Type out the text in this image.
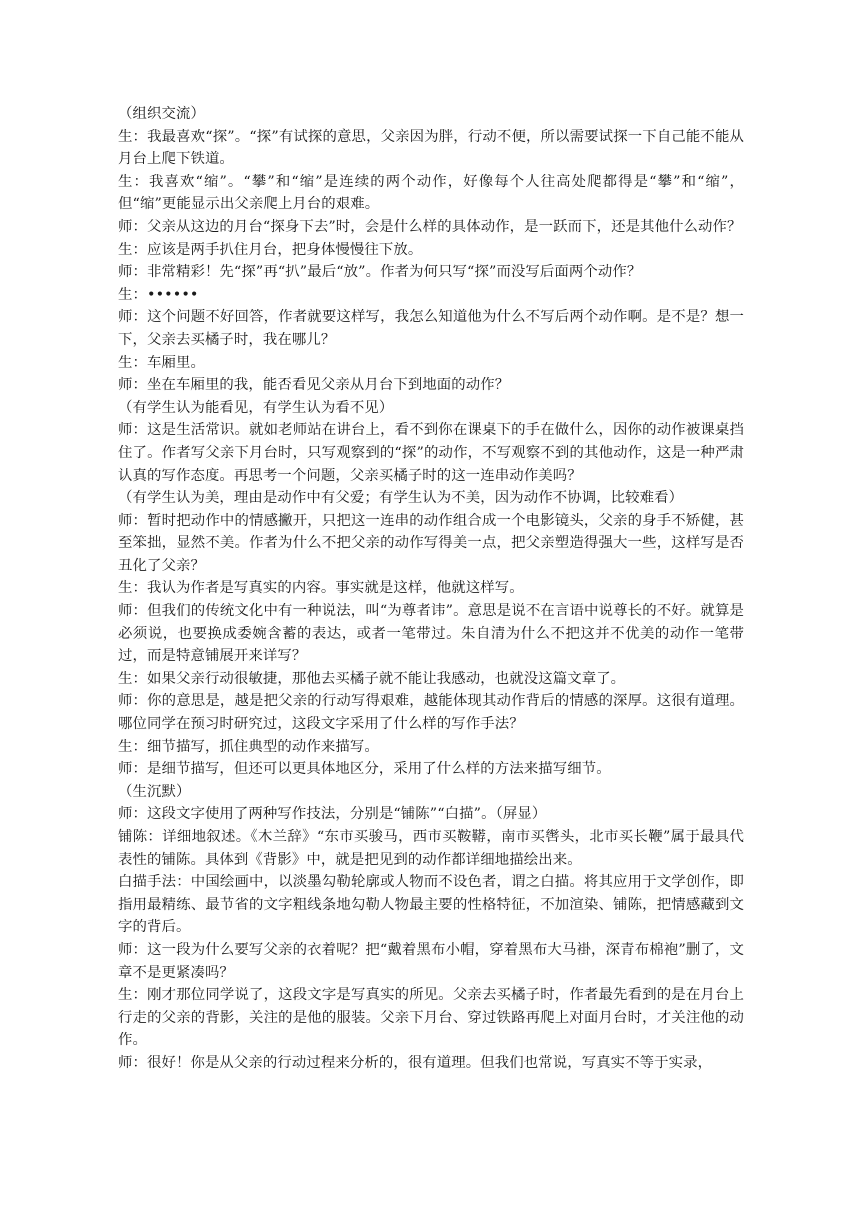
（组织交流）

生：我最喜欢“探”。“探”有试探的意思，父亲因为胖，行动不便，所以需要试探一下自己能不能从月台上爬下铁道。

生：我喜欢“缩”。“攀”和“缩”是连续的两个动作，好像每个人往高处爬都得是“攀”和“缩”，但“缩”更能显示出父亲爬上月台的艰难。

师：父亲从这边的月台“探身下去”时，会是什么样的具体动作，是一跃而下，还是其他什么动作？

生：应该是两手扒住月台，把身体慢慢往下放。

师：非常精彩！先“探”再“扒”最后“放”。作者为何只写“探”而没写后面两个动作？

生：••••••

师：这个问题不好回答，作者就要这样写，我怎么知道他为什么不写后两个动作啊。是不是？想一下，父亲去买橘子时，我在哪儿？

生：车厢里。

师：坐在车厢里的我，能否看见父亲从月台下到地面的动作？

（有学生认为能看见，有学生认为看不见）

师：这是生活常识。就如老师站在讲台上，看不到你在课桌下的手在做什么，因你的动作被课桌挡住了。作者写父亲下月台时，只写观察到的“探”的动作，不写观察不到的其他动作，这是一种严肃认真的写作态度。再思考一个问题，父亲买橘子时的这一连串动作美吗？

（有学生认为美，理由是动作中有父爱；有学生认为不美，因为动作不协调，比较难看）

师：暂时把动作中的情感撇开，只把这一连串的动作组合成一个电影镜头，父亲的身手不矫健，甚至笨拙，显然不美。作者为什么不把父亲的动作写得美一点，把父亲塑造得强大一些，这样写是否丑化了父亲？

生：我认为作者是写真实的内容。事实就是这样，他就这样写。

师：但我们的传统文化中有一种说法，叫“为尊者讳”。意思是说不在言语中说尊长的不好。就算是必须说，也要换成委婉含蓄的表达，或者一笔带过。朱自清为什么不把这并不优美的动作一笔带过，而是特意铺展开来详写？

生：如果父亲行动很敏捷，那他去买橘子就不能让我感动，也就没这篇文章了。

师：你的意思是，越是把父亲的行动写得艰难，越能体现其动作背后的情感的深厚。这很有道理。哪位同学在预习时研究过，这段文字采用了什么样的写作手法？

生：细节描写，抓住典型的动作来描写。

师：是细节描写，但还可以更具体地区分，采用了什么样的方法来描写细节。

（生沉默）

师：这段文字使用了两种写作技法，分别是“铺陈”“白描”。（屏显）

铺陈：详细地叙述。《木兰辞》“东市买骏马，西市买鞍鞯，南市买辔头，北市买长鞭”属于最具代表性的铺陈。具体到《背影》中，就是把见到的动作都详细地描绘出来。

白描手法：中国绘画中，以淡墨勾勒轮廓或人物而不设色者，谓之白描。将其应用于文学创作，即指用最精练、最节省的文字粗线条地勾勒人物最主要的性格特征，不加渲染、铺陈，把情感藏到文字的背后。

师：这一段为什么要写父亲的衣着呢？把“戴着黑布小帽，穿着黑布大马褂，深青布棉袍”删了，文章不是更紧凑吗？

生：刚才那位同学说了，这段文字是写真实的所见。父亲去买橘子时，作者最先看到的是在月台上行走的父亲的背影，关注的是他的服装。父亲下月台、穿过铁路再爬上对面月台时，才关注他的动作。

师：很好！你是从父亲的行动过程来分析的，很有道理。但我们也常说，写真实不等于实录，
